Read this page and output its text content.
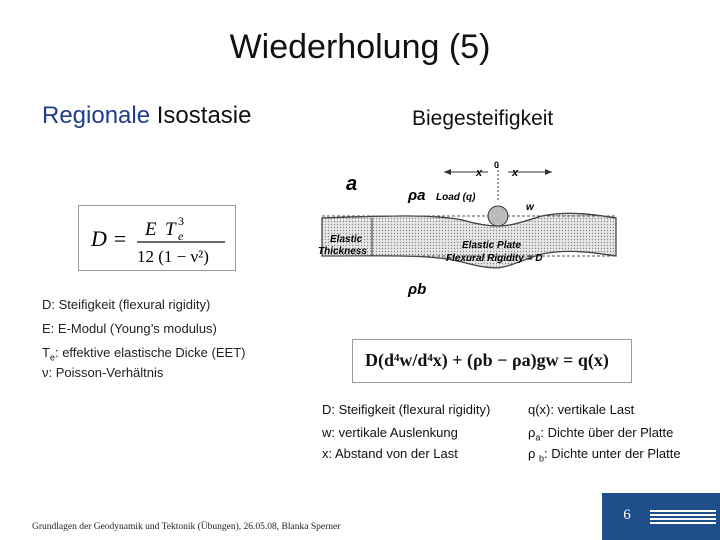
Wiederholung (5)
Regionale Isostasie	Biegesteifigkeit
D = E T 3
e
12 (1 − ν²)
D: Steifigkeit (flexural rigidity)
E: E-Modul (Young’s modulus)
$T_e$: effektive elastische Dicke (EET)
ν: Poisson-Verhältnis
x	x
0
a
ρa Load (q)
w
Elastic
Thickness
Elastic Plate
Flexural Rigidity = D
ρb
D(d⁴w/d⁴x) + (ρb − ρa)gw = q(x)
D: Steifigkeit (flexural rigidity)
w: vertikale Auslenkung
x: Abstand von der Last
q(x): vertikale Last
$\rho_a$: Dichte über der Platte
ρ $_b$: Dichte unter der Platte
Grundlagen der Geodynamik und Tektonik (Übungen), 26.05.08, Blanka Sperner
6
